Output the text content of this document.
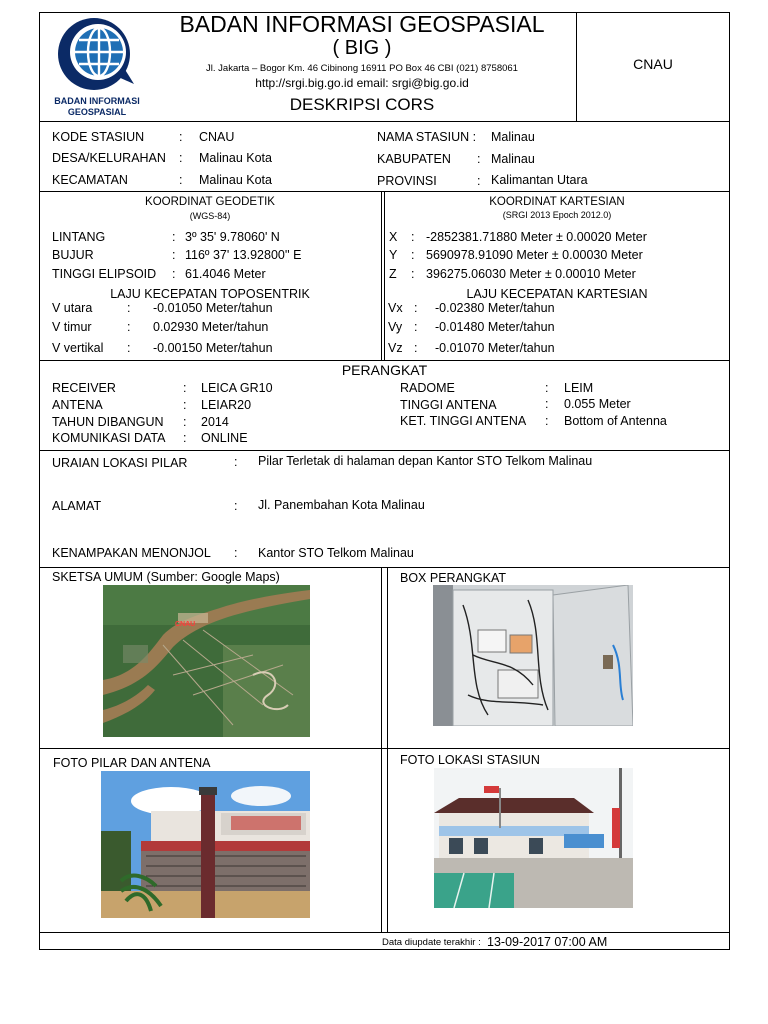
BADAN INFORMASI
GEOSPASIAL
BADAN INFORMASI GEOSPASIAL
( BIG )
Jl. Jakarta – Bogor Km. 46 Cibinong 16911 PO Box 46 CBI (021) 8758061
http://srgi.big.go.id email: srgi@big.go.id
DESKRIPSI CORS
CNAU
KODE STASIUN	: CNAU
DESA/KELURAHAN : Malinau Kota
KECAMATAN	: Malinau Kota
NAMA STASIUN : Malinau
KABUPATEN : Malinau
PROVINSI	: Kalimantan Utara
KOORDINAT GEODETIK
(WGS-84)
LINTANG	: 3º 35' 9.78060' N
BUJUR	: 116º 37' 13.92800'' E
TINGGI ELIPSOID : 61.4046 Meter
LAJU KECEPATAN TOPOSENTRIK
V utara	: -0.01050 Meter/tahun
V timur	: 0.02930 Meter/tahun
V vertikal : -0.00150 Meter/tahun
KOORDINAT KARTESIAN
(SRGI 2013 Epoch 2012.0)
X : -2852381.71880 Meter ± 0.00020 Meter
Y : 5690978.91090 Meter ± 0.00030 Meter
Z : 396275.06030 Meter ± 0.00010 Meter
LAJU KECEPATAN KARTESIAN
Vx : -0.02380 Meter/tahun
Vy : -0.01480 Meter/tahun
Vz : -0.01070 Meter/tahun
PERANGKAT
RECEIVER	: LEICA GR10
ANTENA	: LEIAR20
TAHUN DIBANGUN : 2014
KOMUNIKASI DATA : ONLINE
RADOME	: LEIM
TINGGI ANTENA	: 0.055 Meter
KET. TINGGI ANTENA : Bottom of Antenna
URAIAN LOKASI PILAR	: Pilar Terletak di halaman depan Kantor STO Telkom Malinau
ALAMAT	: Jl. Panembahan Kota Malinau
KENAMPAKAN MENONJOL : Kantor STO Telkom Malinau
SKETSA UMUM (Sumber: Google Maps)	BOX PERANGKAT
FOTO PILAR DAN ANTENA	FOTO LOKASI STASIUN
CNAU
Data diupdate terakhir : 13-09-2017 07:00 AM
